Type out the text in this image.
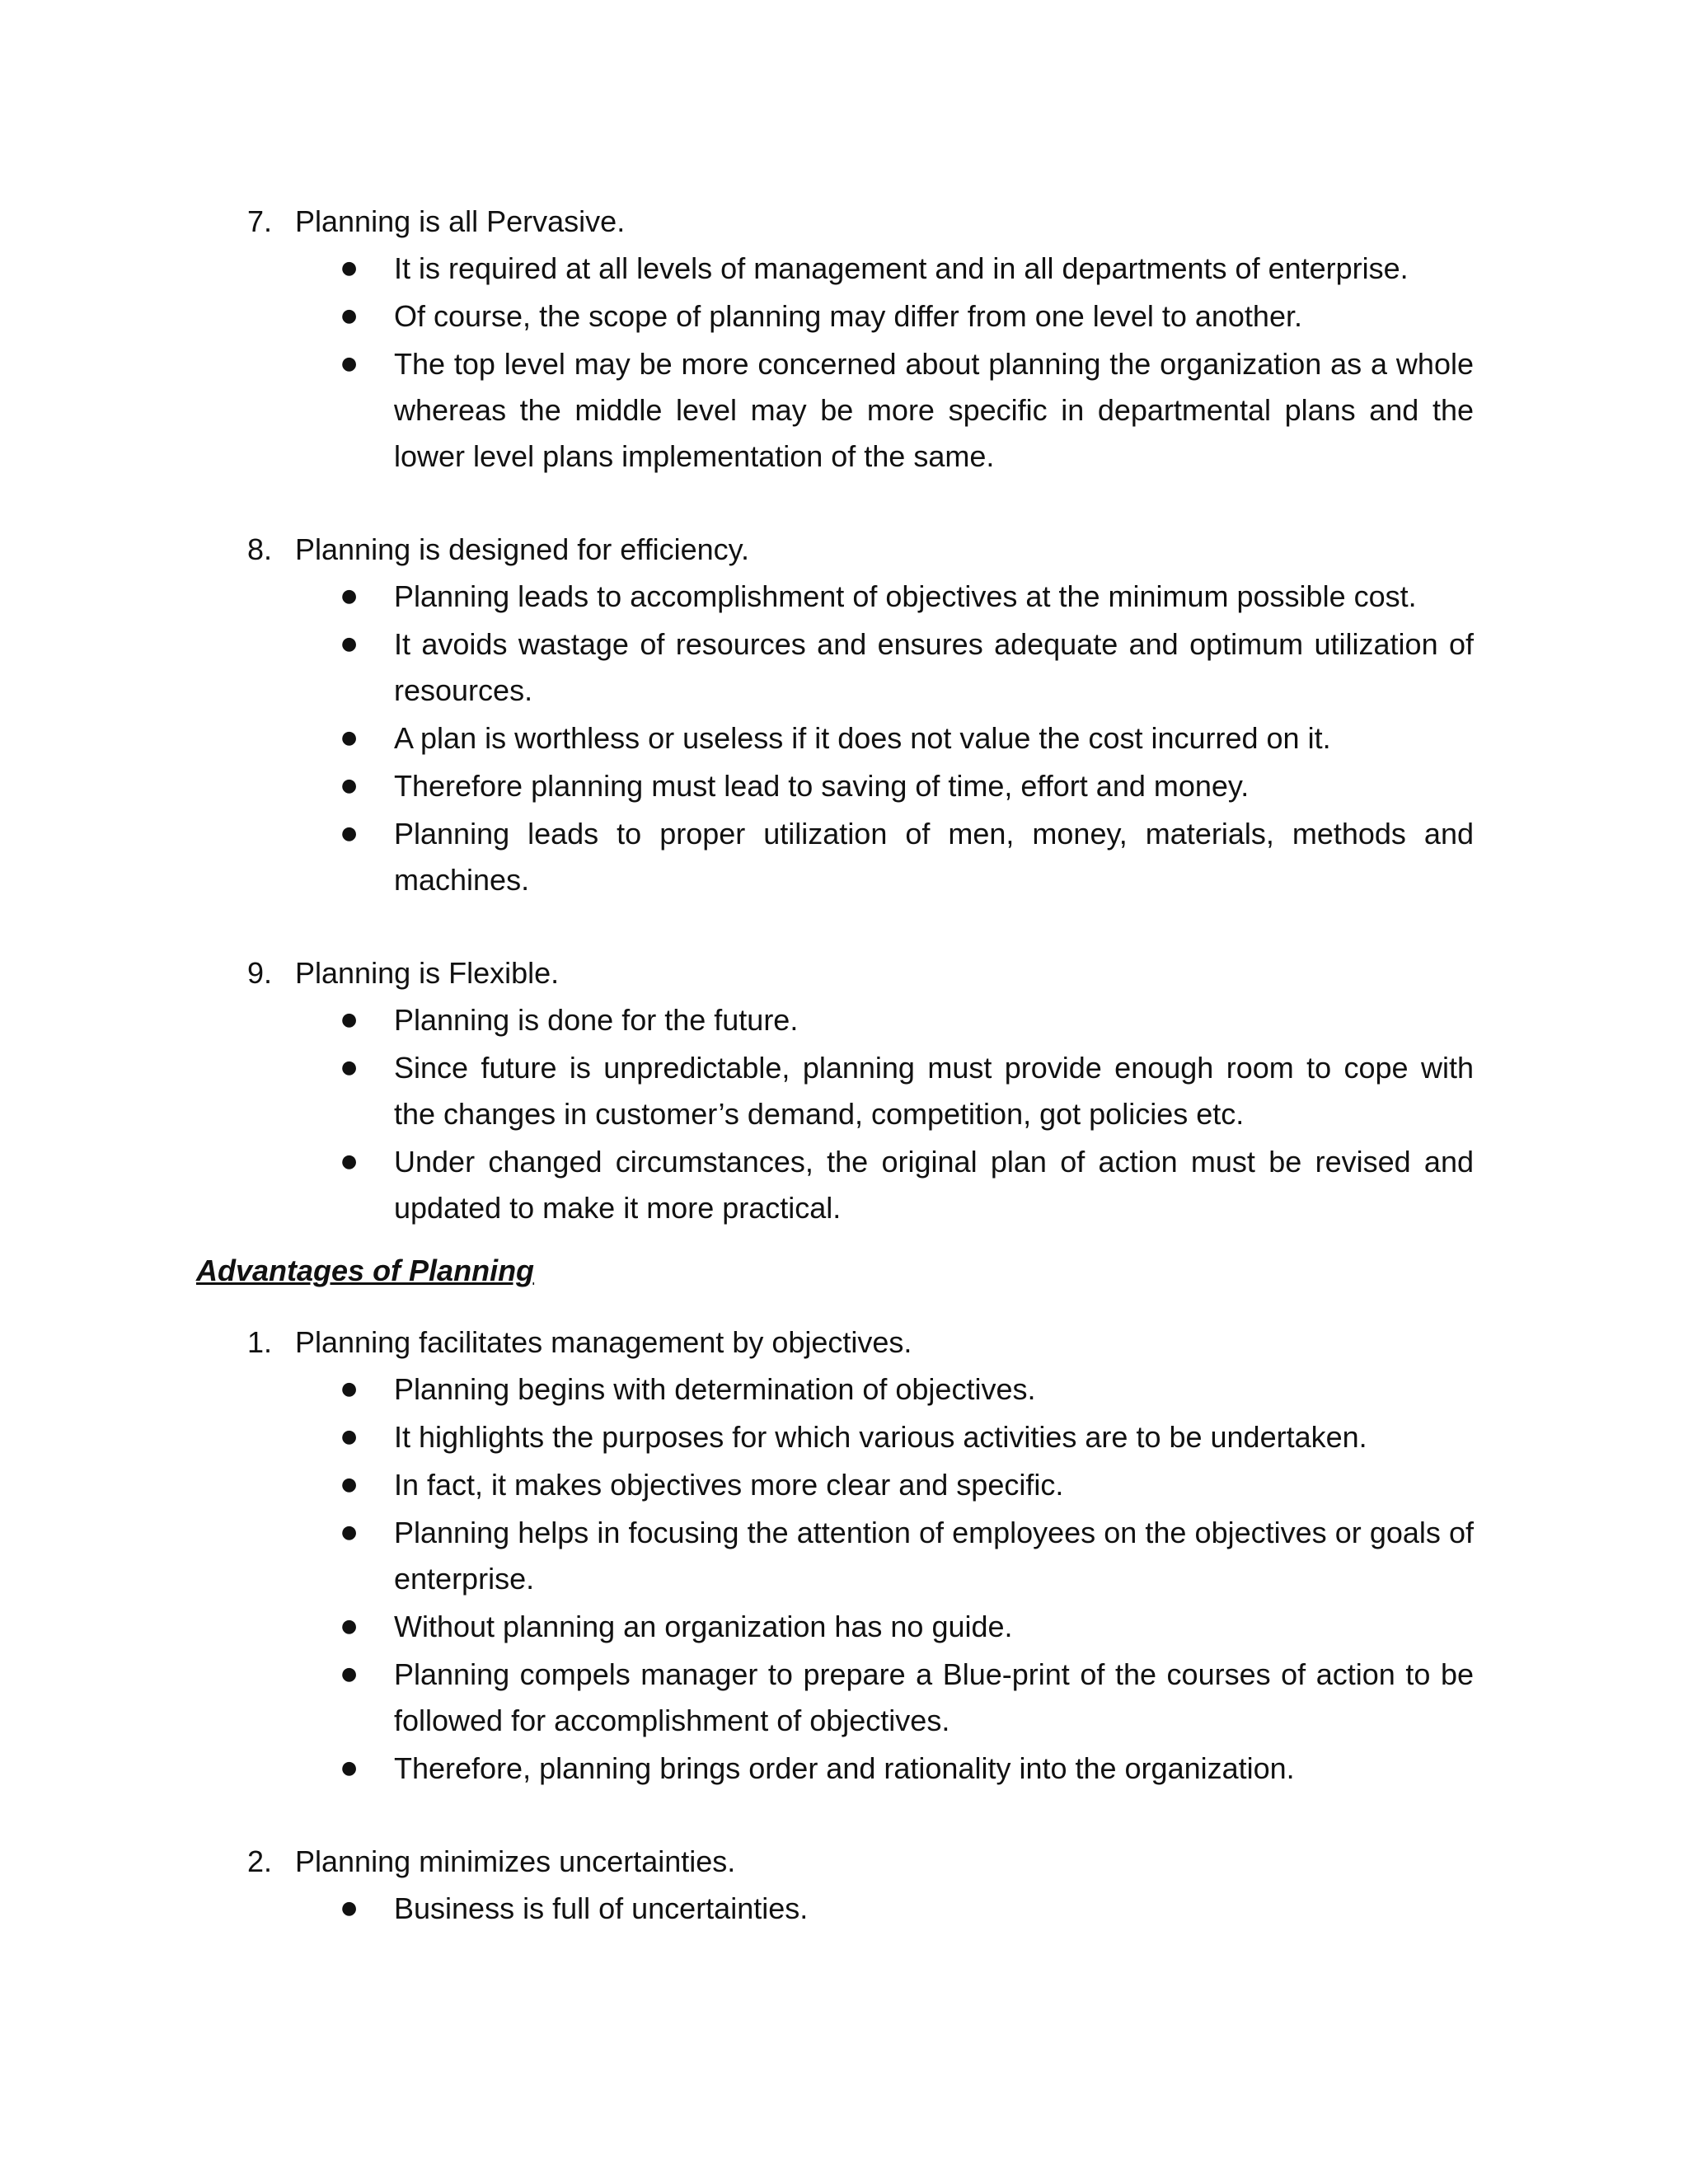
7. Planning is all Pervasive.
● It is required at all levels of management and in all departments of enterprise.
● Of course, the scope of planning may differ from one level to another.
● The top level may be more concerned about planning the organization as a whole whereas the middle level may be more specific in departmental plans and the lower level plans implementation of the same.
8. Planning is designed for efficiency.
● Planning leads to accomplishment of objectives at the minimum possible cost.
● It avoids wastage of resources and ensures adequate and optimum utilization of resources.
● A plan is worthless or useless if it does not value the cost incurred on it.
● Therefore planning must lead to saving of time, effort and money.
● Planning leads to proper utilization of men, money, materials, methods and machines.
9. Planning is Flexible.
● Planning is done for the future.
● Since future is unpredictable, planning must provide enough room to cope with the changes in customer’s demand, competition, got policies etc.
● Under changed circumstances, the original plan of action must be revised and updated to make it more practical.
Advantages of Planning
1. Planning facilitates management by objectives.
● Planning begins with determination of objectives.
● It highlights the purposes for which various activities are to be undertaken.
● In fact, it makes objectives more clear and specific.
● Planning helps in focusing the attention of employees on the objectives or goals of enterprise.
● Without planning an organization has no guide.
● Planning compels manager to prepare a Blue-print of the courses of action to be followed for accomplishment of objectives.
● Therefore, planning brings order and rationality into the organization.
2. Planning minimizes uncertainties.
● Business is full of uncertainties.
